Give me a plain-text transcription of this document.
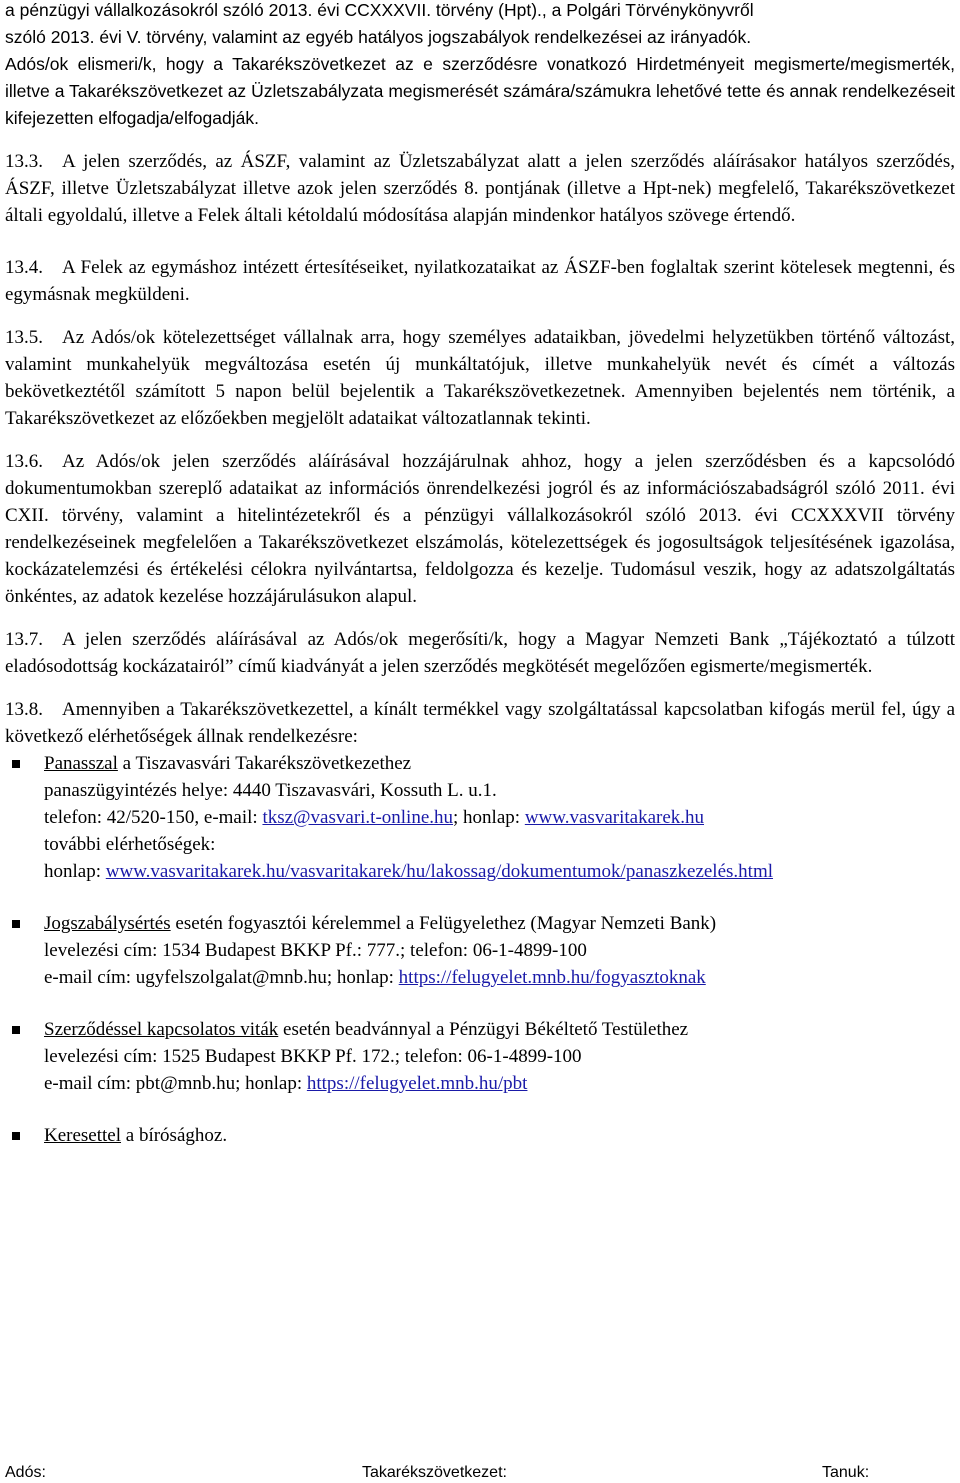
a pénzügyi vállalkozásokról szóló 2013. évi CCXXXVII. törvény (Hpt)., a Polgári Törvénykönyvről
szóló 2013. évi V. törvény, valamint az egyéb hatályos jogszabályok rendelkezései az irányadók.
Adós/ok elismeri/k, hogy a Takarékszövetkezet az e szerződésre vonatkozó Hirdetményeit megismerte/megismerték, illetve a Takarékszövetkezet az Üzletszabályzata megismerését számára/számukra lehetővé tette és annak rendelkezéseit kifejezetten elfogadja/elfogadják.

13.3. A jelen szerződés, az ÁSZF, valamint az Üzletszabályzat alatt a jelen szerződés aláírásakor hatályos szerződés, ÁSZF, illetve Üzletszabályzat illetve azok jelen szerződés 8. pontjának (illetve a Hpt-nek) megfelelő, Takarékszövetkezet általi egyoldalú, illetve a Felek általi kétoldalú módosítása alapján mindenkor hatályos szövege értendő.

13.4. A Felek az egymáshoz intézett értesítéseiket, nyilatkozataikat az ÁSZF-ben foglaltak szerint kötelesek megtenni, és egymásnak megküldeni.

13.5. Az Adós/ok kötelezettséget vállalnak arra, hogy személyes adataikban, jövedelmi helyzetükben történő változást, valamint munkahelyük megváltozása esetén új munkáltatójuk, illetve munkahelyük nevét és címét a változás bekövetkeztétől számított 5 napon belül bejelentik a Takarékszövetkezetnek. Amennyiben bejelentés nem történik, a Takarékszövetkezet az előzőekben megjelölt adataikat változatlannak tekinti.

13.6. Az Adós/ok jelen szerződés aláírásával hozzájárulnak ahhoz, hogy a jelen szerződésben és a kapcsolódó dokumentumokban szereplő adataikat az információs önrendelkezési jogról és az információszabadságról szóló 2011. évi CXII. törvény, valamint a hitelintézetekről és a pénzügyi vállalkozásokról szóló 2013. évi CCXXXVII törvény rendelkezéseinek megfelelően a Takarékszövetkezet elszámolás, kötelezettségek és jogosultságok teljesítésének igazolása, kockázatelemzési és értékelési célokra nyilvántartsa, feldolgozza és kezelje. Tudomásul veszik, hogy az adatszolgáltatás önkéntes, az adatok kezelése hozzájárulásukon alapul.

13.7. A jelen szerződés aláírásával az Adós/ok megerősíti/k, hogy a Magyar Nemzeti Bank „Tájékoztató a túlzott eladósodottság kockázatairól” című kiadványát a jelen szerződés megkötését megelőzően egismerte/megismerték.

13.8. Amennyiben a Takarékszövetkezettel, a kínált termékkel vagy szolgáltatással kapcsolatban kifogás merül fel, úgy a következő elérhetőségek állnak rendelkezésre:

Panasszal a Tiszavasvári Takarékszövetkezethez
panaszügyintézés helye: 4440 Tiszavasvári, Kossuth L. u.1.
telefon: 42/520-150, e-mail: tksz@vasvari.t-online.hu; honlap: www.vasvaritakarek.hu
további elérhetőségek:
honlap: www.vasvaritakarek.hu/vasvaritakarek/hu/lakossag/dokumentumok/panaszkezelés.html
Jogszabálysértés esetén fogyasztói kérelemmel a Felügyelethez (Magyar Nemzeti Bank)
levelezési cím: 1534 Budapest BKKP Pf.: 777.; telefon: 06-1-4899-100
e-mail cím: ugyfelszolgalat@mnb.hu; honlap: https://felugyelet.mnb.hu/fogyasztoknak
Szerződéssel kapcsolatos viták esetén beadvánnyal a Pénzügyi Békéltető Testülethez
levelezési cím: 1525 Budapest BKKP Pf. 172.; telefon: 06-1-4899-100
e-mail cím: pbt@mnb.hu; honlap: https://felugyelet.mnb.hu/pbt
Keresettel a bírósághoz.
Adós:	Takarékszövetkezet:	Tanuk:
